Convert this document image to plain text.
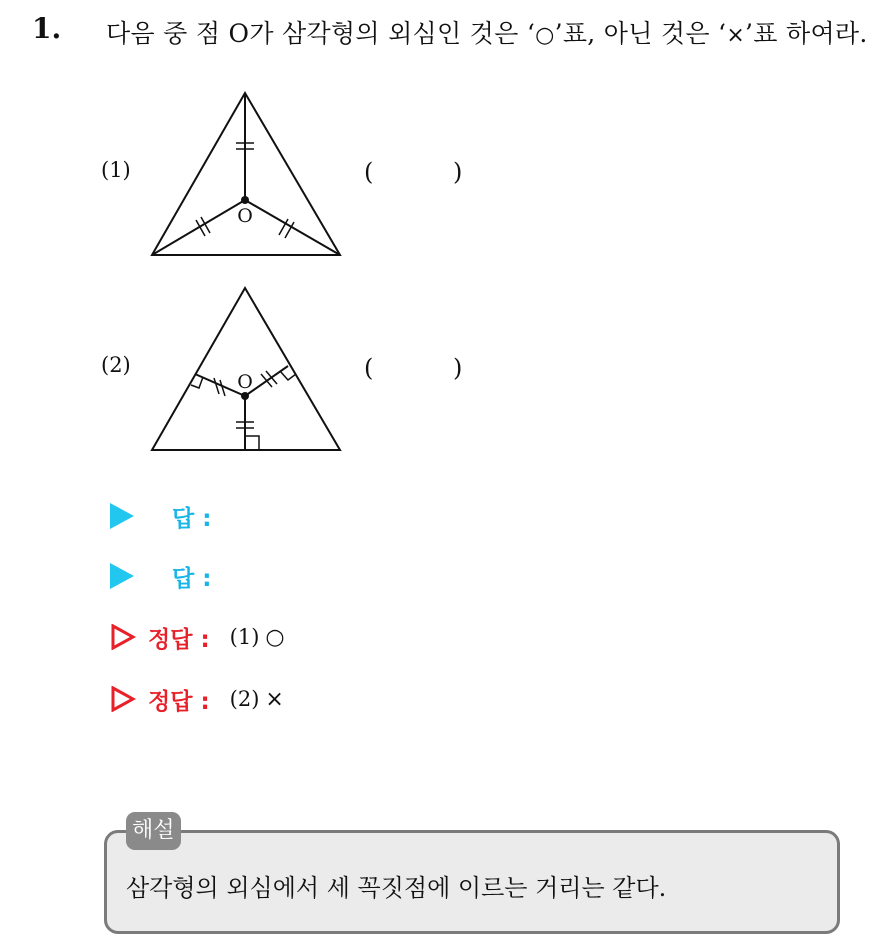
1. 다음 중 점 O가 삼각형의 외심인 것은 ‘○’표, 아닌 것은 ‘×’표 하여라.
(1)
O
(	)
(2)
O	(	)
답 :
답 :
정답 : (1) ○
정답 : (2) ×
해설
삼각형의 외심에서 세 꼭짓점에 이르는 거리는 같다.
